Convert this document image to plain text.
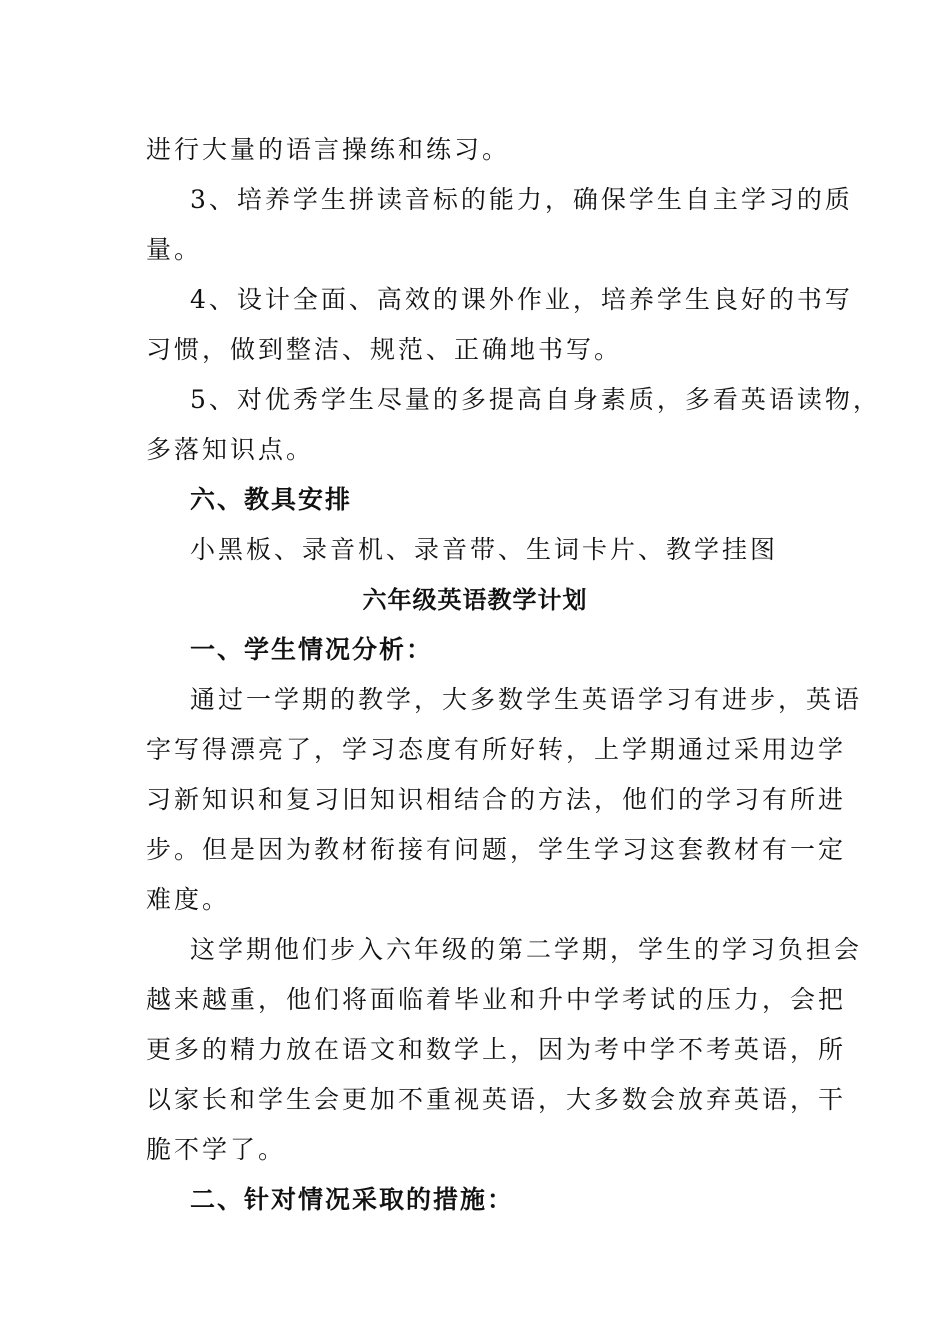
进行大量的语言操练和练习。
3、培养学生拼读音标的能力，确保学生自主学习的质
量。
4、设计全面、高效的课外作业，培养学生良好的书写
习惯，做到整洁、规范、正确地书写。
5、对优秀学生尽量的多提高自身素质，多看英语读物，
多落知识点。
六、教具安排
小黑板、录音机、录音带、生词卡片、教学挂图
六年级英语教学计划
一、学生情况分析：
通过一学期的教学，大多数学生英语学习有进步，英语
字写得漂亮了，学习态度有所好转，上学期通过采用边学
习新知识和复习旧知识相结合的方法，他们的学习有所进
步。但是因为教材衔接有问题，学生学习这套教材有一定
难度。
这学期他们步入六年级的第二学期，学生的学习负担会
越来越重，他们将面临着毕业和升中学考试的压力，会把
更多的精力放在语文和数学上，因为考中学不考英语，所
以家长和学生会更加不重视英语，大多数会放弃英语，干
脆不学了。
二、针对情况采取的措施：
